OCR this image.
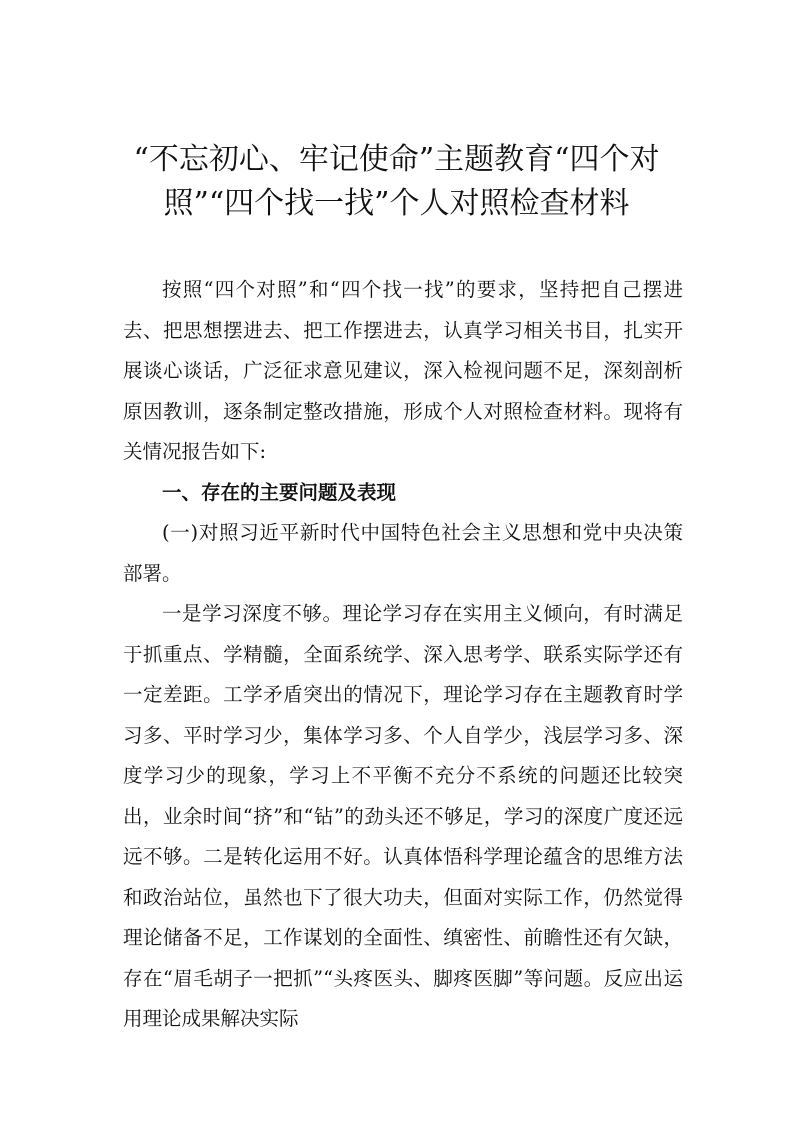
“不忘初心、牢记使命”主题教育“四个对照”“四个找一找”个人对照检查材料

按照“四个对照”和“四个找一找”的要求，坚持把自己摆进去、把思想摆进去、把工作摆进去，认真学习相关书目，扎实开展谈心谈话，广泛征求意见建议，深入检视问题不足，深刻剖析原因教训，逐条制定整改措施，形成个人对照检查材料。现将有关情况报告如下:

一、存在的主要问题及表现

(一)对照习近平新时代中国特色社会主义思想和党中央决策部署。

一是学习深度不够。理论学习存在实用主义倾向，有时满足于抓重点、学精髓，全面系统学、深入思考学、联系实际学还有一定差距。工学矛盾突出的情况下，理论学习存在主题教育时学习多、平时学习少，集体学习多、个人自学少，浅层学习多、深度学习少的现象，学习上不平衡不充分不系统的问题还比较突出，业余时间“挤”和“钻”的劲头还不够足，学习的深度广度还远远不够。二是转化运用不好。认真体悟科学理论蕴含的思维方法和政治站位，虽然也下了很大功夫，但面对实际工作，仍然觉得理论储备不足，工作谋划的全面性、缜密性、前瞻性还有欠缺，存在“眉毛胡子一把抓”“头疼医头、脚疼医脚”等问题。反应出运用理论成果解决实际
